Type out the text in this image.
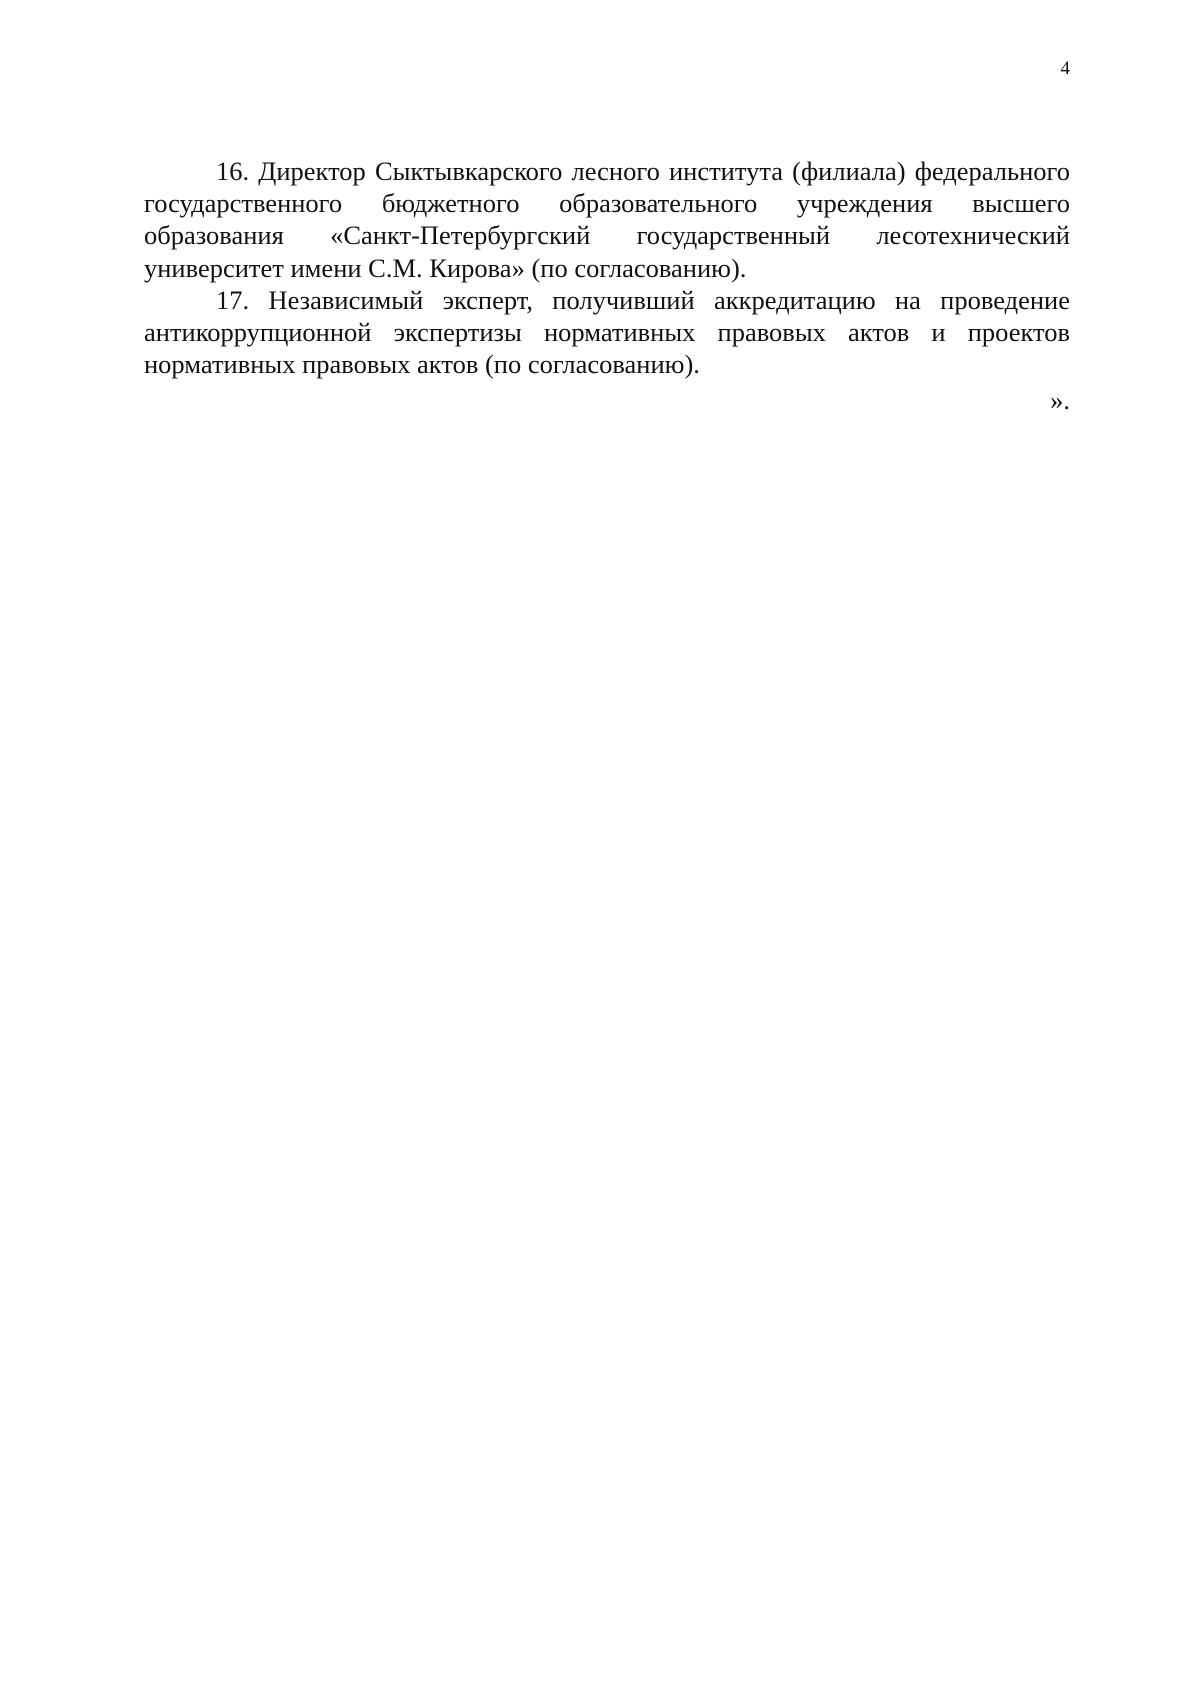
4

16. Директор Сыктывкарского лесного института (филиала) федерального государственного бюджетного образовательного учреждения высшего образования «Санкт-Петербургский государственный лесотехнический университет имени С.М. Кирова» (по согласованию).

17. Независимый эксперт, получивший аккредитацию на проведение антикоррупционной экспертизы нормативных правовых актов и проектов нормативных правовых актов (по согласованию).

».
